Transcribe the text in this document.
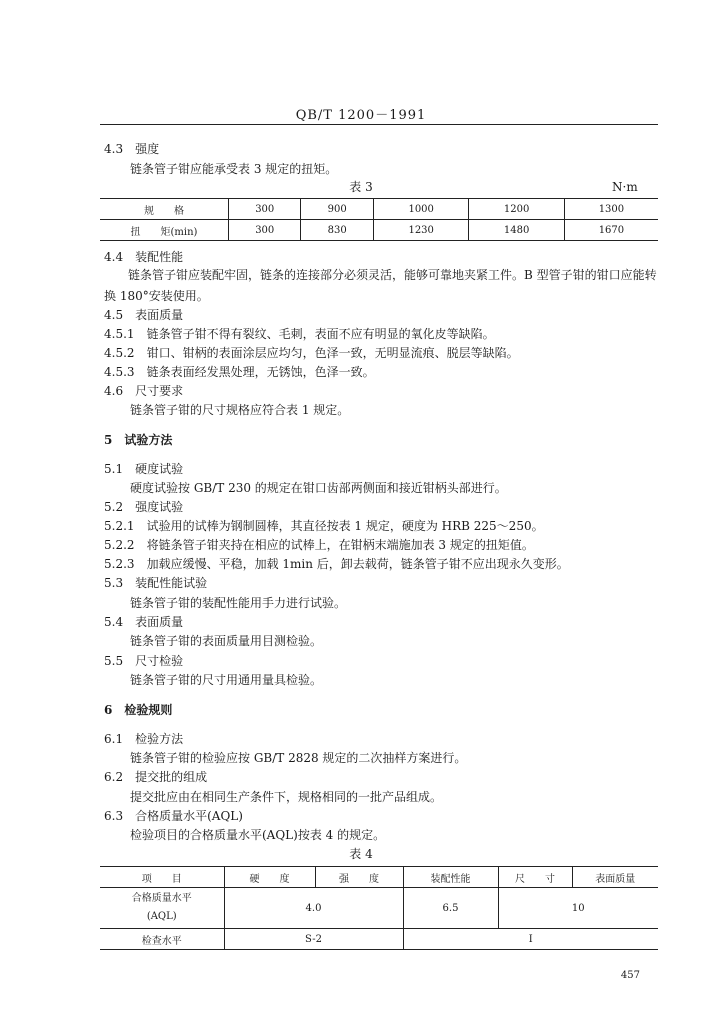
QB/T 1200－1991
4.3　 强度
链条管子钳应能承受表 3 规定的扭矩。
表 3	N·m
规　　格	300	900	1000	1200	1300
扭　　矩(min)	300	830	1230	1480	1670
4.4　 装配性能
链条管子钳应装配牢固，链条的连接部分必须灵活，能够可靠地夹紧工件。B 型管子钳的钳口应能转换 180°安装使用。
4.5　 表面质量
4.5.1　 链条管子钳不得有裂纹、毛刺，表面不应有明显的氧化皮等缺陷。
4.5.2　 钳口、钳柄的表面涂层应均匀，色泽一致，无明显流痕、脱层等缺陷。
4.5.3　 链条表面经发黑处理，无锈蚀，色泽一致。
4.6　 尺寸要求
链条管子钳的尺寸规格应符合表 1 规定。
5　 试验方法
5.1　 硬度试验
硬度试验按 GB/T 230 的规定在钳口齿部两侧面和接近钳柄头部进行。
5.2　 强度试验
5.2.1　 试验用的试棒为钢制圆棒，其直径按表 1 规定，硬度为 HRB 225～250。
5.2.2　 将链条管子钳夹持在相应的试棒上，在钳柄末端施加表 3 规定的扭矩值。
5.2.3　 加载应缓慢、平稳，加载 1min 后，卸去载荷，链条管子钳不应出现永久变形。
5.3　 装配性能试验
链条管子钳的装配性能用手力进行试验。
5.4　 表面质量
链条管子钳的表面质量用目测检验。
5.5　 尺寸检验
链条管子钳的尺寸用通用量具检验。
6　 检验规则
6.1　 检验方法
链条管子钳的检验应按 GB/T 2828 规定的二次抽样方案进行。
6.2　 提交批的组成
提交批应由在相同生产条件下，规格相同的一批产品组成。
6.3　 合格质量水平(AQL)
检验项目的合格质量水平(AQL)按表 4 的规定。
表 4
项　　目	硬　　度	强　　度	装配性能	尺　　寸	表面质量

合格质量水平
(AQL)	4.0		6.5	10	
检查水平	S-2		I		
457
